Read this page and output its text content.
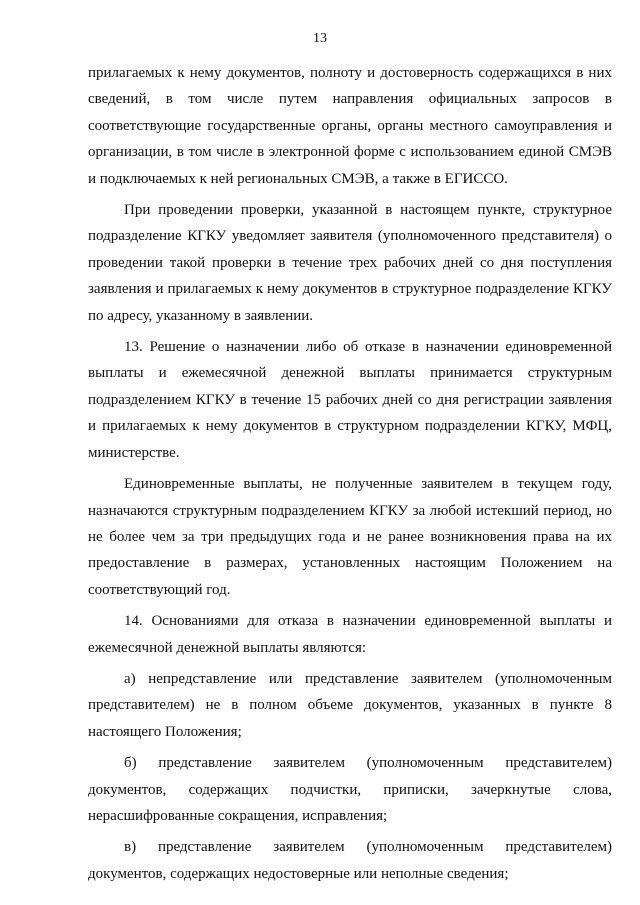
13

прилагаемых к нему документов, полноту и достоверность содержащихся в них сведений, в том числе путем направления официальных запросов в соответствующие государственные органы, органы местного самоуправления и организации, в том числе в электронной форме с использованием единой СМЭВ и подключаемых к ней региональных СМЭВ, а также в ЕГИССО.

При проведении проверки, указанной в настоящем пункте, структурное подразделение КГКУ уведомляет заявителя (уполномоченного представителя) о проведении такой проверки в течение трех рабочих дней со дня поступления заявления и прилагаемых к нему документов в структурное подразделение КГКУ по адресу, указанному в заявлении.

13. Решение о назначении либо об отказе в назначении единовременной выплаты и ежемесячной денежной выплаты принимается структурным подразделением КГКУ в течение 15 рабочих дней со дня регистрации заявления и прилагаемых к нему документов в структурном подразделении КГКУ, МФЦ, министерстве.

Единовременные выплаты, не полученные заявителем в текущем году, назначаются структурным подразделением КГКУ за любой истекший период, но не более чем за три предыдущих года и не ранее возникновения права на их предоставление в размерах, установленных настоящим Положением на соответствующий год.

14. Основаниями для отказа в назначении единовременной выплаты и ежемесячной денежной выплаты являются:

а) непредставление или представление заявителем (уполномоченным представителем) не в полном объеме документов, указанных в пункте 8 настоящего Положения;

б) представление заявителем (уполномоченным представителем) документов, содержащих подчистки, приписки, зачеркнутые слова, нерасшифрованные сокращения, исправления;

в) представление заявителем (уполномоченным представителем) документов, содержащих недостоверные или неполные сведения;
